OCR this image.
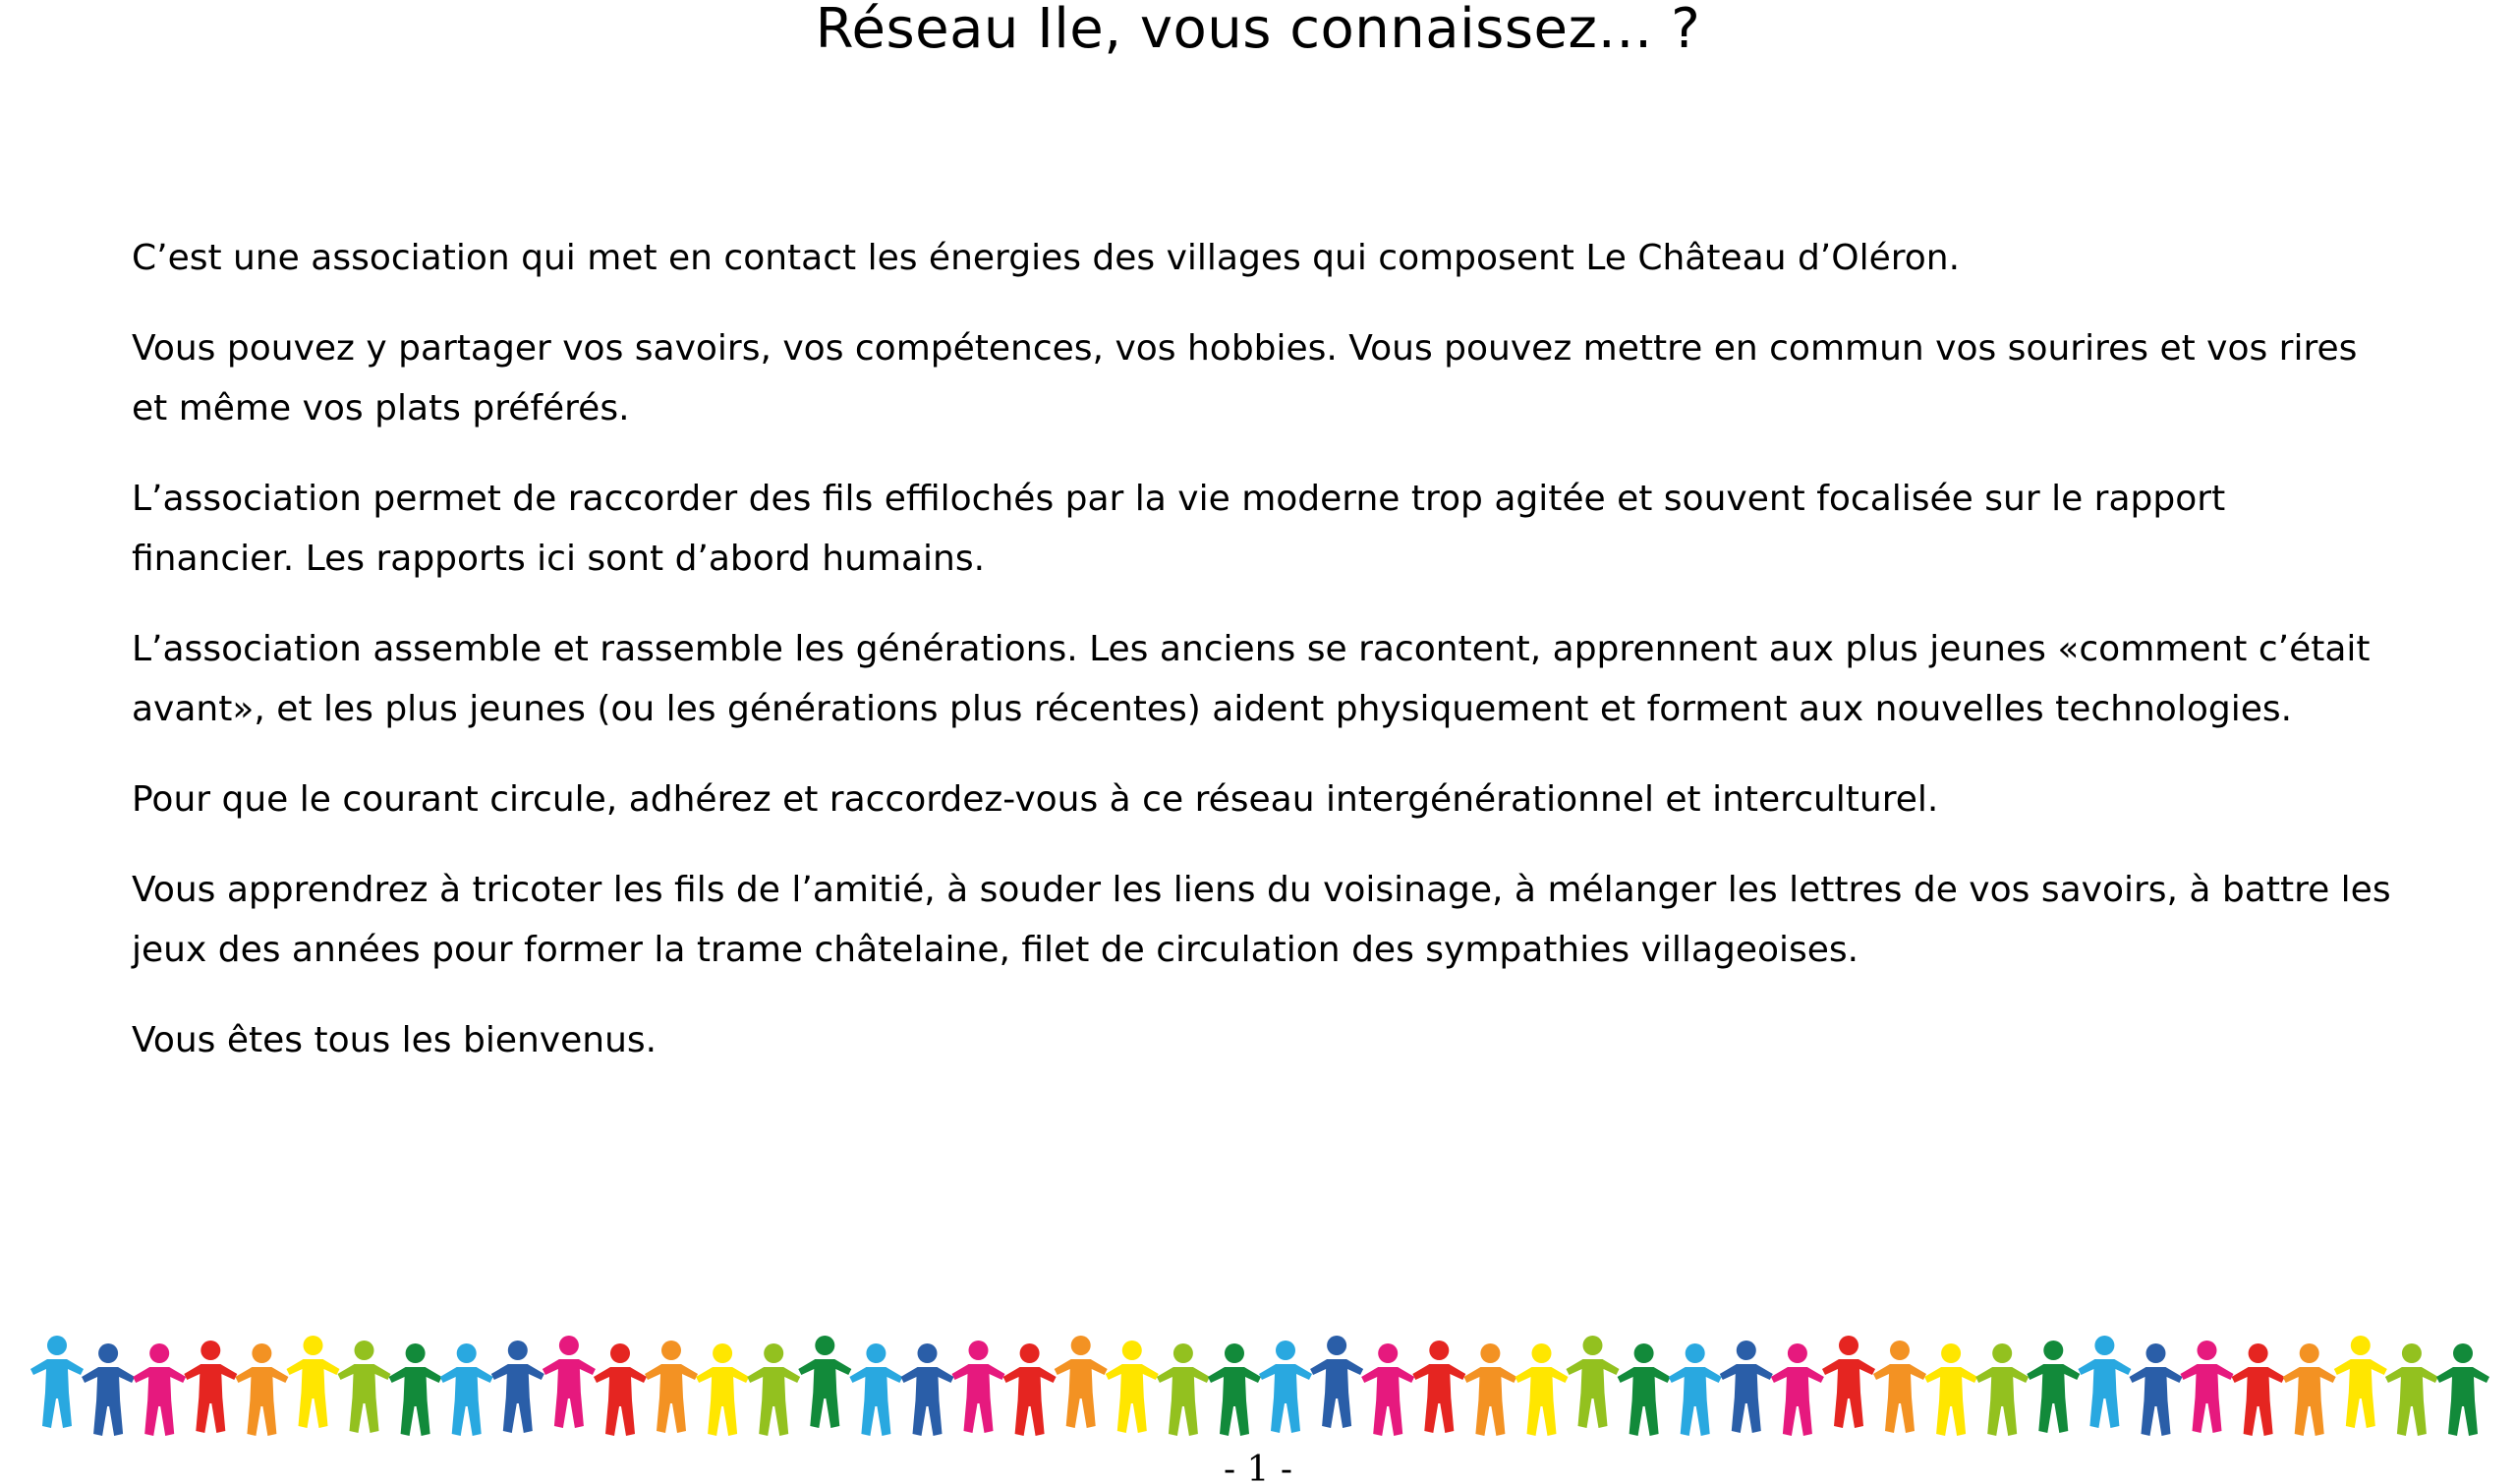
Réseau Ile, vous connaissez… ?

C’est une association qui met en contact les énergies des villages qui composent Le Château d’Oléron.

Vous pouvez y partager vos savoirs, vos compétences, vos hobbies. Vous pouvez mettre en commun vos sourires et vos rires et même vos plats préférés.

L’association permet de raccorder des fils effilochés par la vie moderne trop agitée et souvent focalisée sur le rapport financier. Les rapports ici sont d’abord humains.

L’association assemble et rassemble les générations. Les anciens se racontent, apprennent aux plus jeunes «comment c’était avant», et les plus jeunes (ou les générations plus récentes) aident physiquement et forment aux nouvelles technologies.

Pour que le courant circule, adhérez et raccordez-vous à ce réseau intergénérationnel et interculturel.

Vous apprendrez à tricoter les fils de l’amitié, à souder les liens du voisinage, à mélanger les lettres de vos savoirs, à battre les jeux des années pour former la trame châtelaine, filet de circulation des sympathies villageoises.

Vous êtes tous les bienvenus.

- 1 -
